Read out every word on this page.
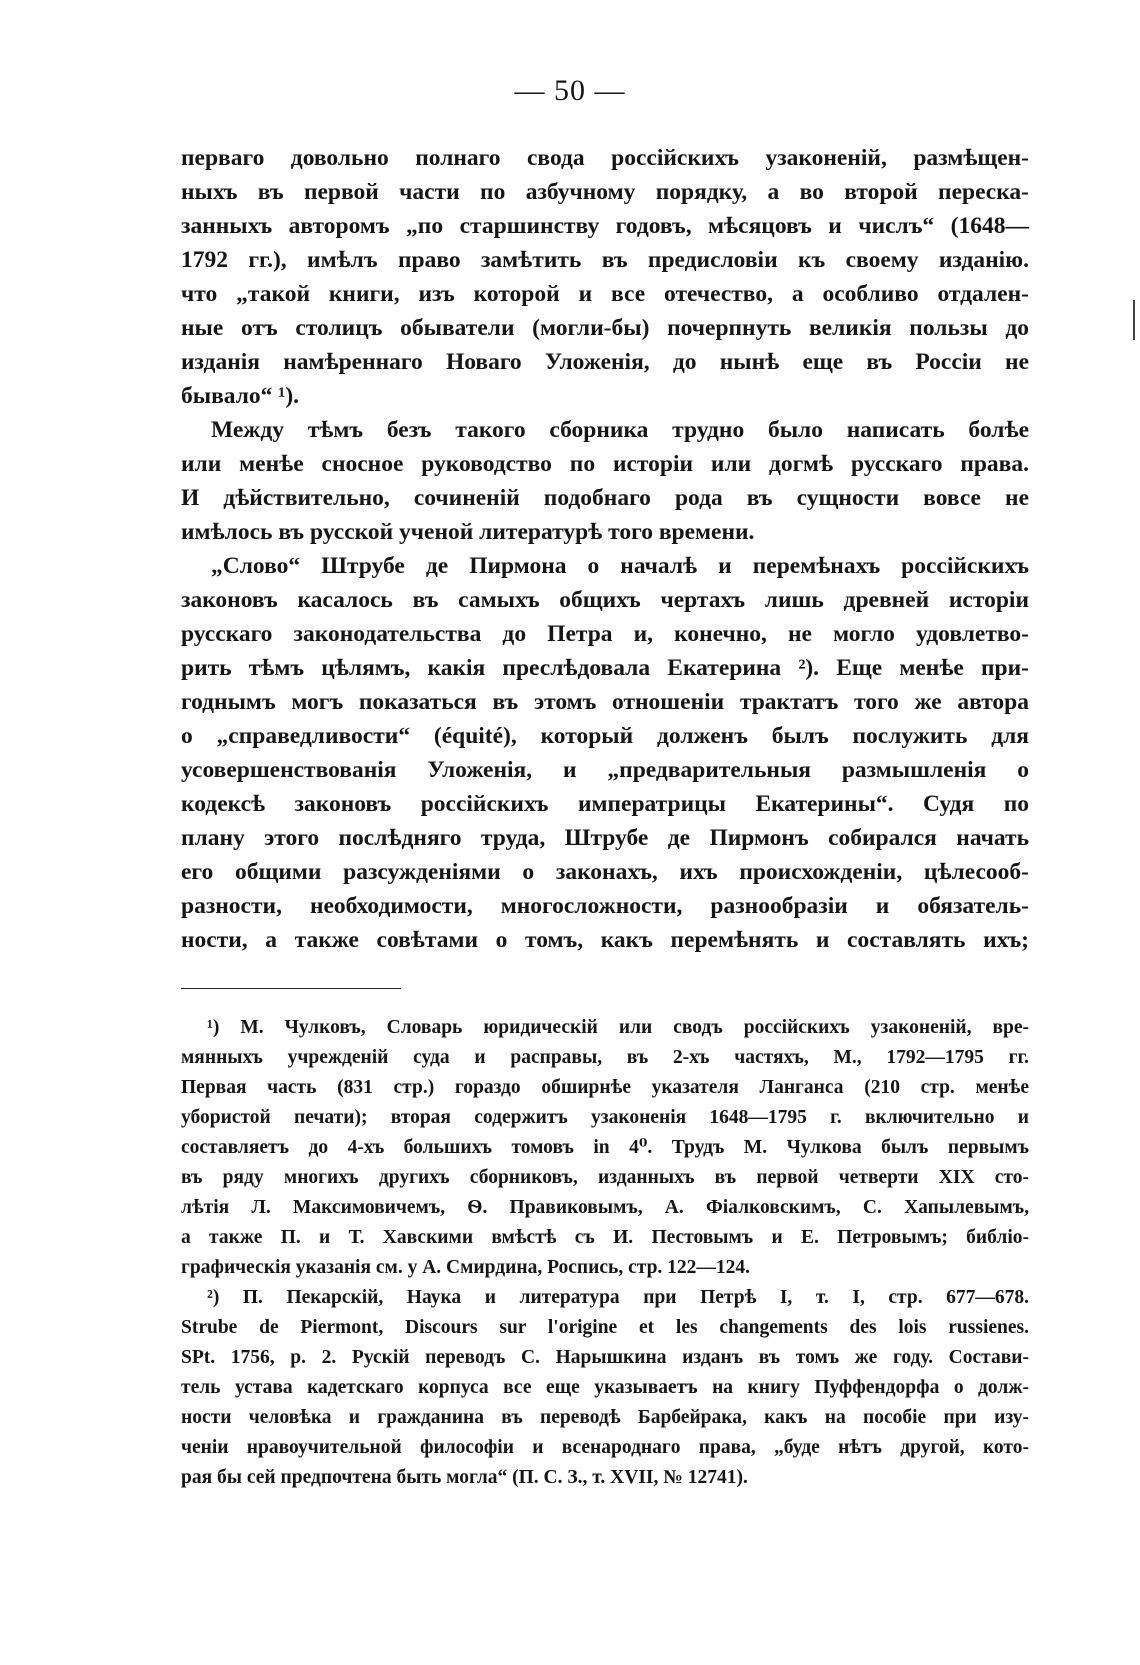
— 50 —
перваго довольно полнаго свода россійскихъ узаконеній, размѣщен-
ныхъ въ первой части по азбучному порядку, а во второй переска-
занныхъ авторомъ „по старшинству годовъ, мѣсяцовъ и числъ“ (1648—
1792 гг.), имѣлъ право замѣтить въ предисловіи къ своему изданію.
что „такой книги, изъ которой и все отечество, а особливо отдален-
ные отъ столицъ обыватели (могли-бы) почерпнуть великія пользы до
изданія намѣреннаго Новаго Уложенія, до нынѣ еще въ Россіи не
бывало“ ¹).
Между тѣмъ безъ такого сборника трудно было написать болѣе
или менѣе сносное руководство по исторіи или догмѣ русскаго права.
И дѣйствительно, сочиненій подобнаго рода въ сущности вовсе не
имѣлось въ русской ученой литературѣ того времени.
„Слово“ Штрубе де Пирмона о началѣ и перемѣнахъ россійскихъ
законовъ касалось въ самыхъ общихъ чертахъ лишь древней исторіи
русскаго законодательства до Петра и, конечно, не могло удовлетво-
рить тѣмъ цѣлямъ, какія преслѣдовала Екатерина ²). Еще менѣе при-
годнымъ могъ показаться въ этомъ отношеніи трактатъ того же автора
о „справедливости“ (équité), который долженъ былъ послужить для
усовершенствованія Уложенія, и „предварительныя размышленія о
кодексѣ законовъ россійскихъ императрицы Екатерины“. Судя по
плану этого послѣдняго труда, Штрубе де Пирмонъ собирался начать
его общими разсужденіями о законахъ, ихъ происхожденіи, цѣлесооб-
разности, необходимости, многосложности, разнообразіи и обязатель-
ности, а также совѣтами о томъ, какъ перемѣнять и составлять ихъ;
¹) М. Чулковъ, Словарь юридическій или сводъ россійскихъ узаконеній, вре-
мянныхъ учрежденій суда и расправы, въ 2-хъ частяхъ, М., 1792—1795 гг.
Первая часть (831 стр.) гораздо обширнѣе указателя Ланганса (210 стр. менѣе
убористой печати); вторая содержитъ узаконенія 1648—1795 г. включительно и
составляетъ до 4-хъ большихъ томовъ in 4⁰. Трудъ М. Чулкова былъ первымъ
въ ряду многихъ другихъ сборниковъ, изданныхъ въ первой четверти XIX сто-
лѣтія Л. Максимовичемъ, Ѳ. Правиковымъ, А. Фіалковскимъ, С. Хапылевымъ,
а также П. и Т. Хавскими вмѣстѣ съ И. Пестовымъ и Е. Петровымъ; библіо-
графическія указанія см. у А. Смирдина, Роспись, стр. 122—124.
²) П. Пекарскій, Наука и литература при Петрѣ I, т. I, стр. 677—678.
Strube de Piermont, Discours sur l'origine et les changements des lois russienes.
SPt. 1756, p. 2. Рускій переводъ С. Нарышкина изданъ въ томъ же году. Состави-
тель устава кадетскаго корпуса все еще указываетъ на книгу Пуффендорфа о долж-
ности человѣка и гражданина въ переводѣ Барбейрака, какъ на пособіе при изу-
ченіи нравоучительной философіи и всенароднагo права, „буде нѣтъ другой, кото-
рая бы сей предпочтена быть могла“ (П. С. З., т. XVII, № 12741).
